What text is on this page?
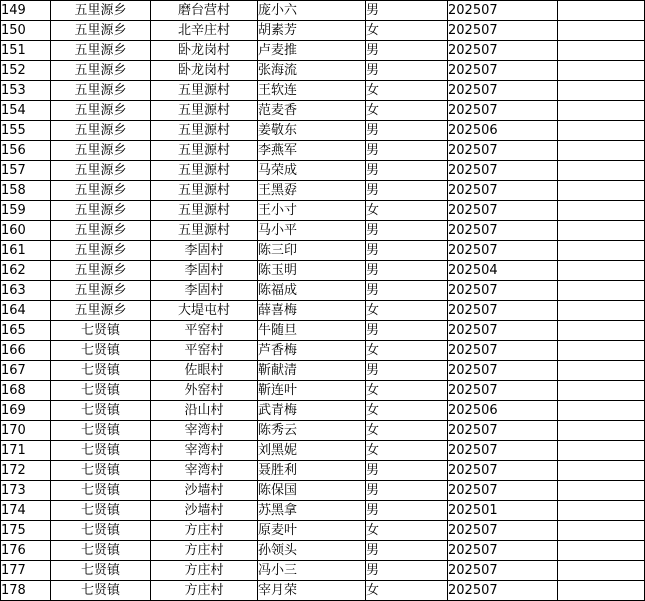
149	五里源乡	磨台营村	庞小六	男	202507	
150	五里源乡	北辛庄村	胡素芳	女	202507	
151	五里源乡	卧龙岗村	卢麦推	男	202507	
152	五里源乡	卧龙岗村	张海流	男	202507	
153	五里源乡	五里源村	王软连	女	202507	
154	五里源乡	五里源村	范麦香	女	202507	
155	五里源乡	五里源村	姜敬东	男	202506	
156	五里源乡	五里源村	李燕军	男	202507	
157	五里源乡	五里源村	马荣成	男	202507	
158	五里源乡	五里源村	王黑孬	男	202507	
159	五里源乡	五里源村	王小寸	女	202507	
160	五里源乡	五里源村	马小平	男	202507	
161	五里源乡	李固村	陈三印	男	202507	
162	五里源乡	李固村	陈玉明	男	202504	
163	五里源乡	李固村	陈福成	男	202507	
164	五里源乡	大堤屯村	薛喜梅	女	202507	
165	七贤镇	平窑村	牛随旦	男	202507	
166	七贤镇	平窑村	芦香梅	女	202507	
167	七贤镇	佐眼村	靳献清	男	202507	
168	七贤镇	外窑村	靳连叶	女	202507	
169	七贤镇	沿山村	武青梅	女	202506	
170	七贤镇	宰湾村	陈秀云	女	202507	
171	七贤镇	宰湾村	刘黑妮	女	202507	
172	七贤镇	宰湾村	聂胜利	男	202507	
173	七贤镇	沙墙村	陈保国	男	202507	
174	七贤镇	沙墙村	苏黑拿	男	202501	
175	七贤镇	方庄村	原麦叶	女	202507	
176	七贤镇	方庄村	孙领头	男	202507	
177	七贤镇	方庄村	冯小三	男	202507	
178	七贤镇	方庄村	宰月荣	女	202507	
